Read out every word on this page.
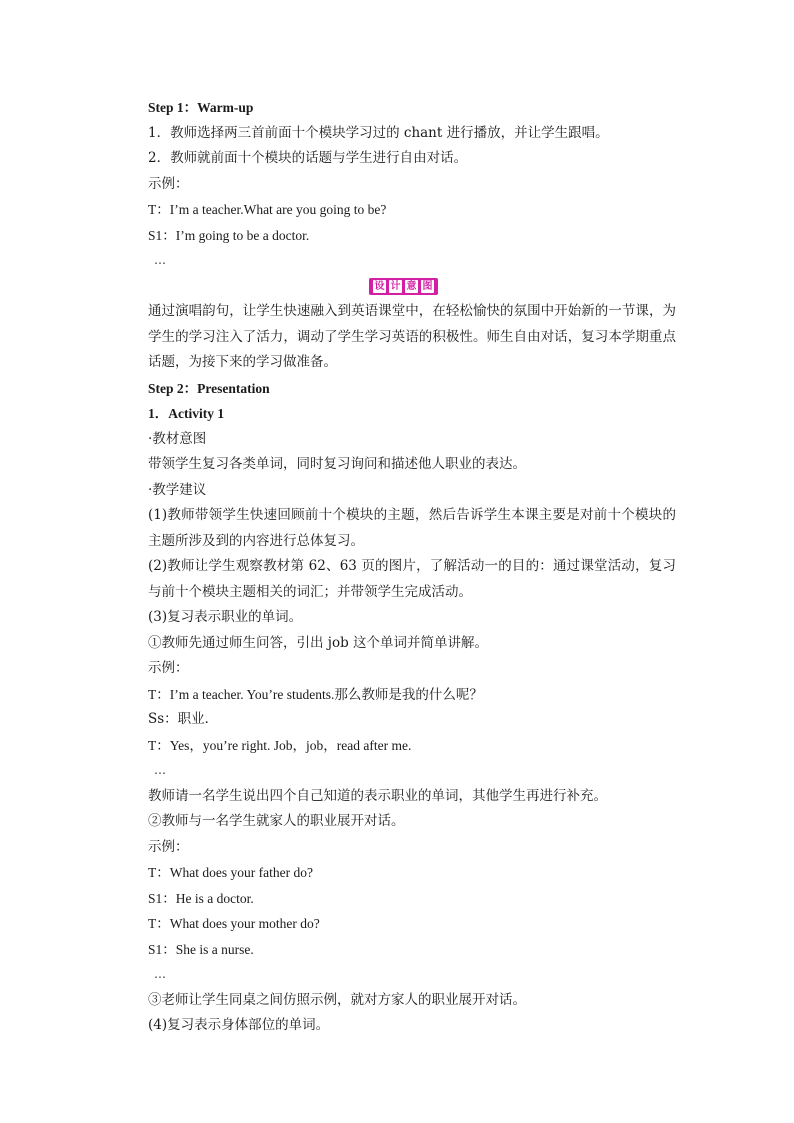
Step 1：Warm-up
1．教师选择两三首前面十个模块学习过的 chant 进行播放，并让学生跟唱。
2．教师就前面十个模块的话题与学生进行自由对话。
示例：
T：I’m a teacher.What are you going to be?
S1：I’m going to be a doctor.
…
设 计 意 图
通过演唱韵句，让学生快速融入到英语课堂中，在轻松愉快的氛围中开始新的一节课，为学生的学习注入了活力，调动了学生学习英语的积极性。师生自由对话，复习本学期重点话题，为接下来的学习做准备。
Step 2：Presentation
1．Activity 1
·教材意图
带领学生复习各类单词，同时复习询问和描述他人职业的表达。
·教学建议
(1)教师带领学生快速回顾前十个模块的主题，然后告诉学生本课主要是对前十个模块的主题所涉及到的内容进行总体复习。
(2)教师让学生观察教材第 62、63 页的图片，了解活动一的目的：通过课堂活动，复习与前十个模块主题相关的词汇；并带领学生完成活动。
(3)复习表示职业的单词。
①教师先通过师生问答，引出 job 这个单词并简单讲解。
示例：
T：I’m a teacher. You’re students.那么教师是我的什么呢？
Ss：职业．
T：Yes，you’re right. Job，job，read after me.
…
教师请一名学生说出四个自己知道的表示职业的单词，其他学生再进行补充。
②教师与一名学生就家人的职业展开对话。
示例：
T：What does your father do?
S1：He is a doctor.
T：What does your mother do?
S1：She is a nurse.
…
③老师让学生同桌之间仿照示例，就对方家人的职业展开对话。
(4)复习表示身体部位的单词。
